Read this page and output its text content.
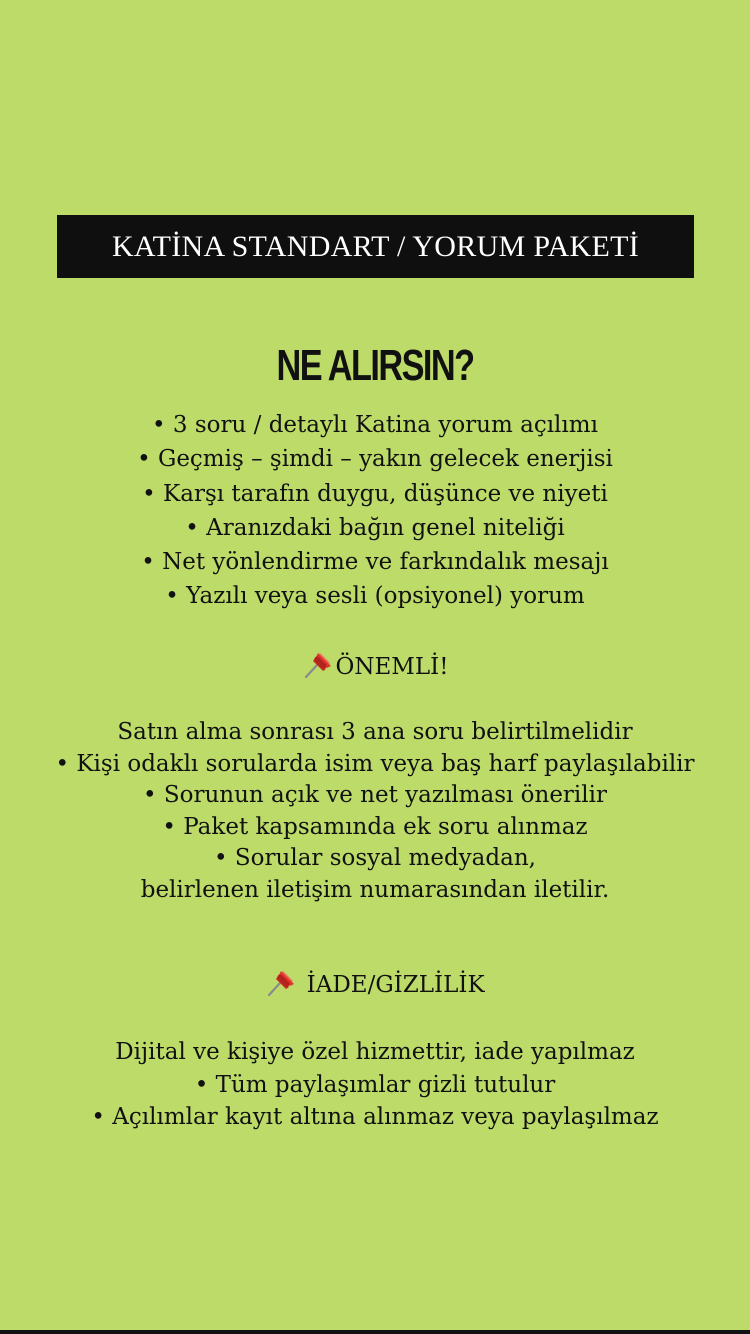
KATİNA STANDART / YORUM PAKETİ
NE ALIRSIN?
• 3 soru / detaylı Katina yorum açılımı
• Geçmiş – şimdi – yakın gelecek enerjisi
• Karşı tarafın duygu, düşünce ve niyeti
• Aranızdaki bağın genel niteliği
• Net yönlendirme ve farkındalık mesajı
• Yazılı veya sesli (opsiyonel) yorum
ÖNEMLİ!
Satın alma sonrası 3 ana soru belirtilmelidir
• Kişi odaklı sorularda isim veya baş harf paylaşılabilir
• Sorunun açık ve net yazılması önerilir
• Paket kapsamında ek soru alınmaz
• Sorular sosyal medyadan,
belirlenen iletişim numarasından iletilir.
İADE/GİZLİLİK
Dijital ve kişiye özel hizmettir, iade yapılmaz
• Tüm paylaşımlar gizli tutulur
• Açılımlar kayıt altına alınmaz veya paylaşılmaz
